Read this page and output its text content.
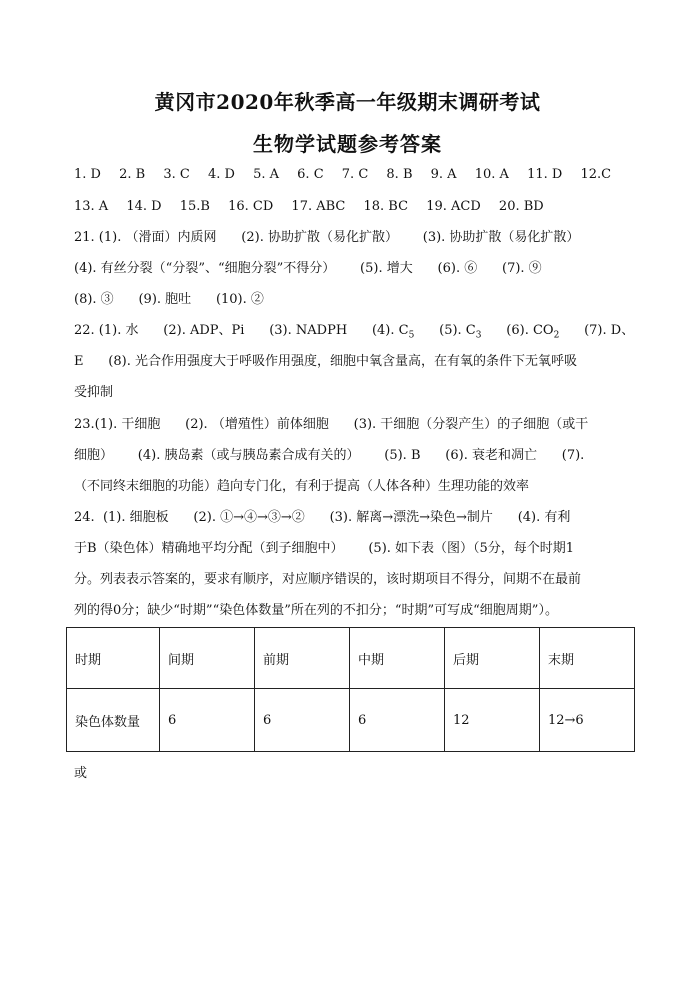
黄冈市2020年秋季高一年级期末调研考试
生物学试题参考答案
1. D 2. B 3. C 4. D 5. A 6. C 7. C 8. B 9. A 10. A 11. D 12.C
13. A 14. D 15.B 16. CD 17. ABC 18. BC 19. ACD 20. BD
21. (1). （滑面）内质网      (2). 协助扩散（易化扩散）      (3). 协助扩散（易化扩散）
(4). 有丝分裂（“分裂”、“细胞分裂”不得分）      (5). 增大      (6). ⑥      (7). ⑨
(8). ③      (9). 胞吐      (10). ②
22. (1). 水      (2). ADP、Pi      (3). NADPH      (4). $C_5$      (5). $C_3$      (6). $CO_2$      (7). D、
E      (8). 光合作用强度大于呼吸作用强度，细胞中氧含量高，在有氧的条件下无氧呼吸
受抑制
23.(1). 干细胞      (2). （增殖性）前体细胞      (3). 干细胞（分裂产生）的子细胞（或干
细胞）      (4). 胰岛素（或与胰岛素合成有关的）      (5). B      (6). 衰老和凋亡      (7).
（不同终末细胞的功能）趋向专门化，有利于提高（人体各种）生理功能的效率
24.  (1). 细胞板      (2). ①→④→③→②      (3). 解离→漂洗→染色→制片      (4). 有利
于B（染色体）精确地平均分配（到子细胞中）      (5). 如下表（图）（5分，每个时期1
分。列表表示答案的，要求有顺序，对应顺序错误的，该时期项目不得分，间期不在最前
列的得0分；缺少“时期”“染色体数量”所在列的不扣分；“时期”可写成“细胞周期”）。
时期	间期	前期	中期	后期	末期
染色体数量	6	6	6	12	12→6
或
